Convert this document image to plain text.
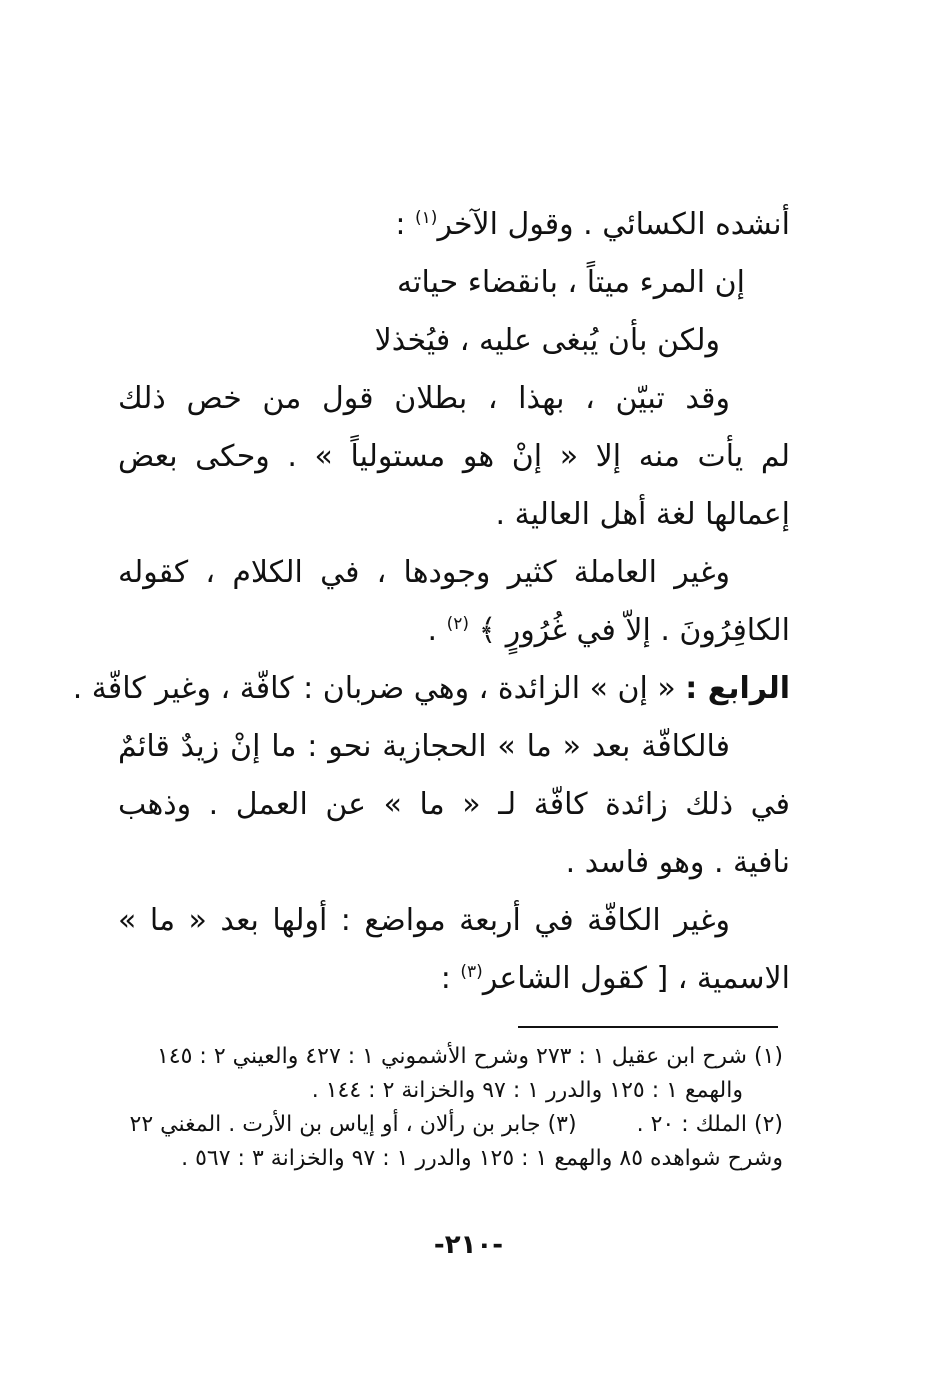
أنشده الكسائي . وقول الآخر$^{(١)}$ :
إن المرء ميتاً ، بانقضاء حياته
ولكن بأن يُبغى عليه ، فيُخذلا
وقد تبيّن ، بهذا ، بطلان قول من خص ذلك
لم يأت منه إلا « إنْ هو مستولياً » . وحكى بعض
إعمالها لغة أهل العالية .
وغير العاملة كثير وجودها ، في الكلام ، كقوله
الكافِرُونَ . إلاّ في غُرُورٍ ﴾ $^{(٢)}$ .
الرابع : « إن » الزائدة ، وهي ضربان : كافّة ، وغير كافّة .
فالكافّة بعد « ما » الحجازية نحو : ما إنْ زيدٌ قائمٌ
في ذلك زائدة كافّة لـ « ما » عن العمل . وذهب
نافية . وهو فاسد .
وغير الكافّة في أربعة مواضع : أولها بعد « ما »
الاسمية ، [ كقول الشاعر$^{(٣)}$ :
(١) شرح ابن عقيل ١ : ٢٧٣ وشرح الأشموني ١ : ٤٢٧ والعيني ٢ : ١٤٥
والهمع ١ : ١٢٥ والدرر ١ : ٩٧ والخزانة ٢ : ١٤٤ .
(٢) الملك : ٢٠ .(٣) جابر بن رألان ، أو إياس بن الأرت . المغني ٢٢
وشرح شواهده ٨٥ والهمع ١ : ١٢٥ والدرر ١ : ٩٧ والخزانة ٣ : ٥٦٧ .
-٢١٠-
